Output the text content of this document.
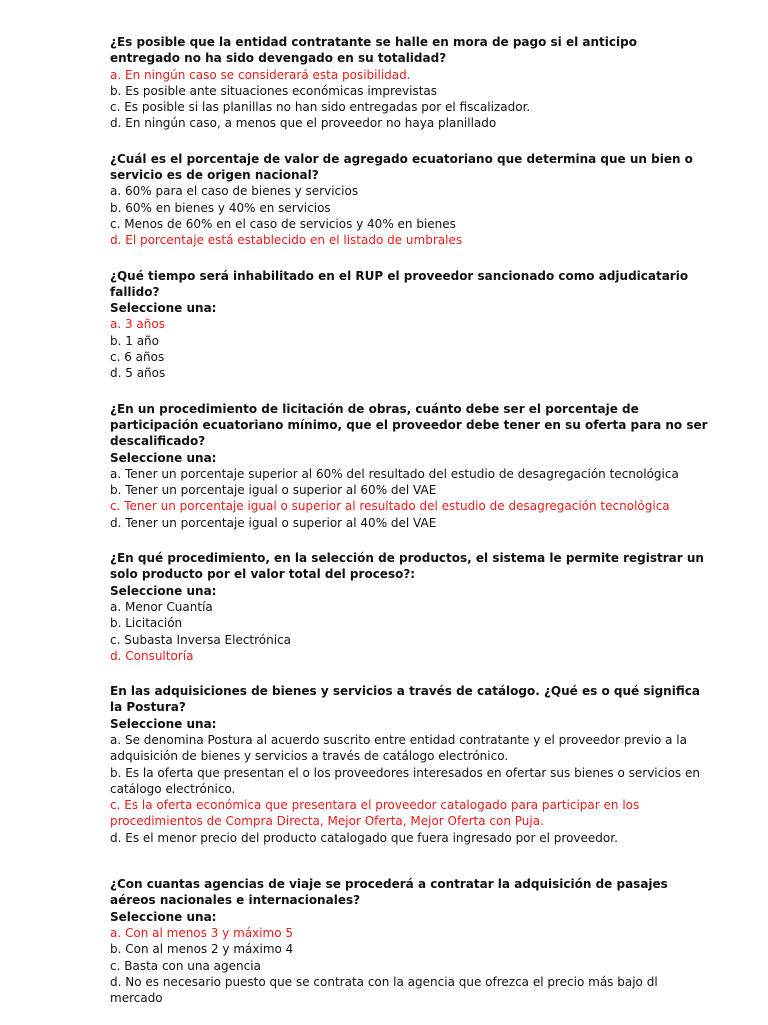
¿Es posible que la entidad contratante se halle en mora de pago si el anticipo entregado no ha sido devengado en su totalidad?
a. En ningún caso se considerará esta posibilidad.
b. Es posible ante situaciones económicas imprevistas
c. Es posible si las planillas no han sido entregadas por el fiscalizador.
d. En ningún caso, a menos que el proveedor no haya planillado
¿Cuál es el porcentaje de valor de agregado ecuatoriano que determina que un bien o servicio es de origen nacional?
a. 60% para el caso de bienes y servicios
b. 60% en bienes y 40% en servicios
c. Menos de 60% en el caso de servicios y 40% en bienes
d. El porcentaje está establecido en el listado de umbrales
¿Qué tiempo será inhabilitado en el RUP el proveedor sancionado como adjudicatario fallido?
Seleccione una:
a. 3 años
b. 1 año
c. 6 años
d. 5 años
¿En un procedimiento de licitación de obras, cuánto debe ser el porcentaje de participación ecuatoriano mínimo, que el proveedor debe tener en su oferta para no ser descalificado?
Seleccione una:
a. Tener un porcentaje superior al 60% del resultado del estudio de desagregación tecnológica
b. Tener un porcentaje igual o superior al 60% del VAE
c. Tener un porcentaje igual o superior al resultado del estudio de desagregación tecnológica
d. Tener un porcentaje igual o superior al 40% del VAE
¿En qué procedimiento, en la selección de productos, el sistema le permite registrar un solo producto por el valor total del proceso?:
Seleccione una:
a. Menor Cuantía
b. Licitación
c. Subasta Inversa Electrónica
d. Consultoría
En las adquisiciones de bienes y servicios a través de catálogo. ¿Qué es o qué significa la Postura?
Seleccione una:
a. Se denomina Postura al acuerdo suscrito entre entidad contratante y el proveedor previo a la adquisición de bienes y servicios a través de catálogo electrónico.
b. Es la oferta que presentan el o los proveedores interesados en ofertar sus bienes o servicios en catálogo electrónico.
c. Es la oferta económica que presentara el proveedor catalogado para participar en los procedimientos de Compra Directa, Mejor Oferta, Mejor Oferta con Puja.
d. Es el menor precio del producto catalogado que fuera ingresado por el proveedor.
¿Con cuantas agencias de viaje se procederá a contratar la adquisición de pasajes aéreos nacionales e internacionales?
Seleccione una:
a. Con al menos 3 y máximo 5
b. Con al menos 2 y máximo 4
c. Basta con una agencia
d. No es necesario puesto que se contrata con la agencia que ofrezca el precio más bajo dl mercado
